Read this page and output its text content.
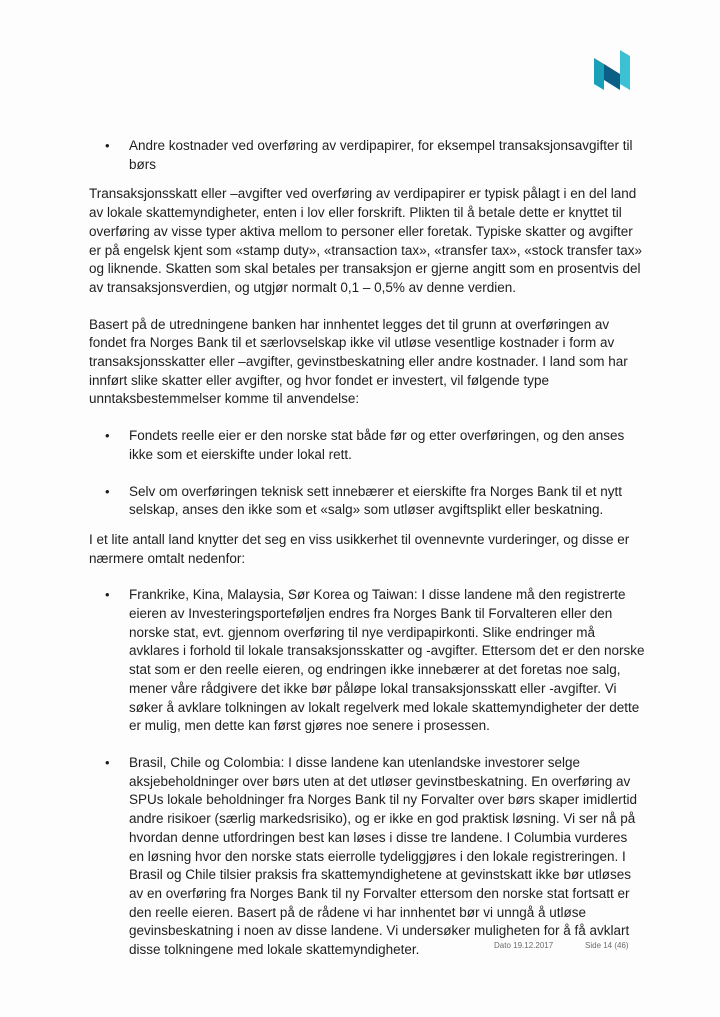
• Andre kostnader ved overføring av verdipapirer, for eksempel transaksjonsavgifter til børs

Transaksjonsskatt eller –avgifter ved overføring av verdipapirer er typisk pålagt i en del land av lokale skattemyndigheter, enten i lov eller forskrift. Plikten til å betale dette er knyttet til overføring av visse typer aktiva mellom to personer eller foretak. Typiske skatter og avgifter er på engelsk kjent som «stamp duty», «transaction tax», «transfer tax», «stock transfer tax» og liknende. Skatten som skal betales per transaksjon er gjerne angitt som en prosentvis del av transaksjonsverdien, og utgjør normalt 0,1 – 0,5% av denne verdien.

Basert på de utredningene banken har innhentet legges det til grunn at overføringen av fondet fra Norges Bank til et særlovselskap ikke vil utløse vesentlige kostnader i form av transaksjonsskatter eller –avgifter, gevinstbeskatning eller andre kostnader. I land som har innført slike skatter eller avgifter, og hvor fondet er investert, vil følgende type unntaksbestemmelser komme til anvendelse:

• Fondets reelle eier er den norske stat både før og etter overføringen, og den anses ikke som et eierskifte under lokal rett.
• Selv om overføringen teknisk sett innebærer et eierskifte fra Norges Bank til et nytt selskap, anses den ikke som et «salg» som utløser avgiftsplikt eller beskatning.

I et lite antall land knytter det seg en viss usikkerhet til ovennevnte vurderinger, og disse er nærmere omtalt nedenfor:

• Frankrike, Kina, Malaysia, Sør Korea og Taiwan: I disse landene må den registrerte eieren av Investeringsporteføljen endres fra Norges Bank til Forvalteren eller den norske stat, evt. gjennom overføring til nye verdipapirkonti. Slike endringer må avklares i forhold til lokale transaksjonsskatter og -avgifter. Ettersom det er den norske stat som er den reelle eieren, og endringen ikke innebærer at det foretas noe salg, mener våre rådgivere det ikke bør påløpe lokal transaksjonsskatt eller -avgifter. Vi søker å avklare tolkningen av lokalt regelverk med lokale skattemyndigheter der dette er mulig, men dette kan først gjøres noe senere i prosessen.
• Brasil, Chile og Colombia: I disse landene kan utenlandske investorer selge aksjebeholdninger over børs uten at det utløser gevinstbeskatning. En overføring av SPUs lokale beholdninger fra Norges Bank til ny Forvalter over børs skaper imidlertid andre risikoer (særlig markedsrisiko), og er ikke en god praktisk løsning. Vi ser nå på hvordan denne utfordringen best kan løses i disse tre landene. I Columbia vurderes en løsning hvor den norske stats eierrolle tydeliggjøres i den lokale registreringen. I Brasil og Chile tilsier praksis fra skattemyndighetene at gevinstskatt ikke bør utløses av en overføring fra Norges Bank til ny Forvalter ettersom den norske stat fortsatt er den reelle eieren. Basert på de rådene vi har innhentet bør vi unngå å utløse gevinsbeskatning i noen av disse landene. Vi undersøker muligheten for å få avklart disse tolkningene med lokale skattemyndigheter.	Dato 19.12.2017	Side 14 (46)
